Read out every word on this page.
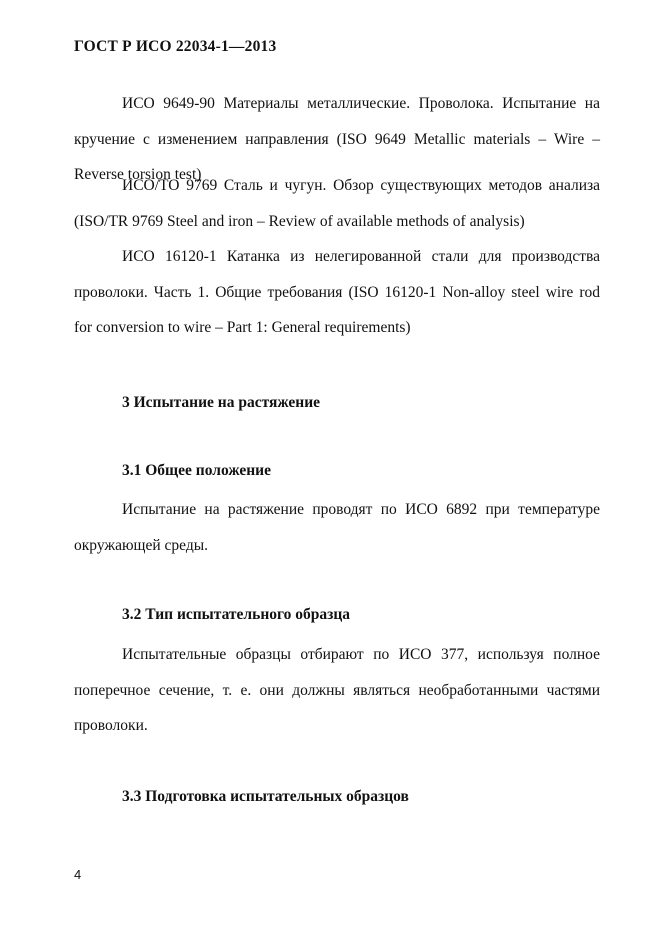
ГОСТ Р ИСО 22034-1—2013

ИСО 9649-90 Материалы металлические. Проволока. Испытание на кручение с изменением направления (ISO 9649 Metallic materials – Wire – Reverse torsion test)

ИСО/ТО 9769 Сталь и чугун. Обзор существующих методов анализа (ISO/TR 9769 Steel and iron – Review of available methods of analysis)

ИСО 16120-1 Катанка из нелегированной стали для производства проволоки. Часть 1. Общие требования (ISO 16120-1 Non-alloy steel wire rod for conversion to wire – Part 1: General requirements)

3 Испытание на растяжение
3.1 Общее положение

Испытание на растяжение проводят по ИСО 6892 при температуре окружающей среды.

3.2 Тип испытательного образца

Испытательные образцы отбирают по ИСО 377, используя полное поперечное сечение, т. е. они должны являться необработанными частями проволоки.

3.3 Подготовка испытательных образцов
4
